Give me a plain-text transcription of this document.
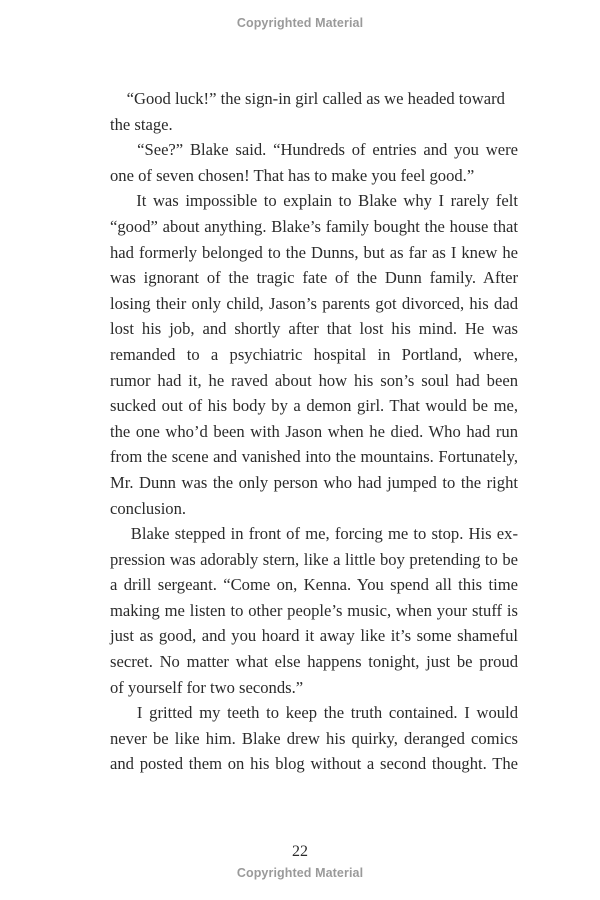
Copyrighted Material
“Good luck!” the sign-in girl called as we headed toward
the stage.
“See?” Blake said. “Hundreds of entries and you were
one of seven chosen! That has to make you feel good.”
It was impossible to explain to Blake why I rarely felt
“good” about anything. Blake’s family bought the house that
had formerly belonged to the Dunns, but as far as I knew he
was ignorant of the tragic fate of the Dunn family. After
losing their only child, Jason’s parents got divorced, his dad
lost his job, and shortly after that lost his mind. He was
remanded to a psychiatric hospital in Portland, where,
rumor had it, he raved about how his son’s soul had been
sucked out of his body by a demon girl. That would be me,
the one who’d been with Jason when he died. Who had run
from the scene and vanished into the mountains. Fortunately,
Mr. Dunn was the only person who had jumped to the right
conclusion.
Blake stepped in front of me, forcing me to stop. His ex-
pression was adorably stern, like a little boy pretending to be
a drill sergeant. “Come on, Kenna. You spend all this time
making me listen to other people’s music, when your stuff is
just as good, and you hoard it away like it’s some shameful
secret. No matter what else happens tonight, just be proud
of yourself for two seconds.”
I gritted my teeth to keep the truth contained. I would
never be like him. Blake drew his quirky, deranged comics
and posted them on his blog without a second thought. The
22
Copyrighted Material
